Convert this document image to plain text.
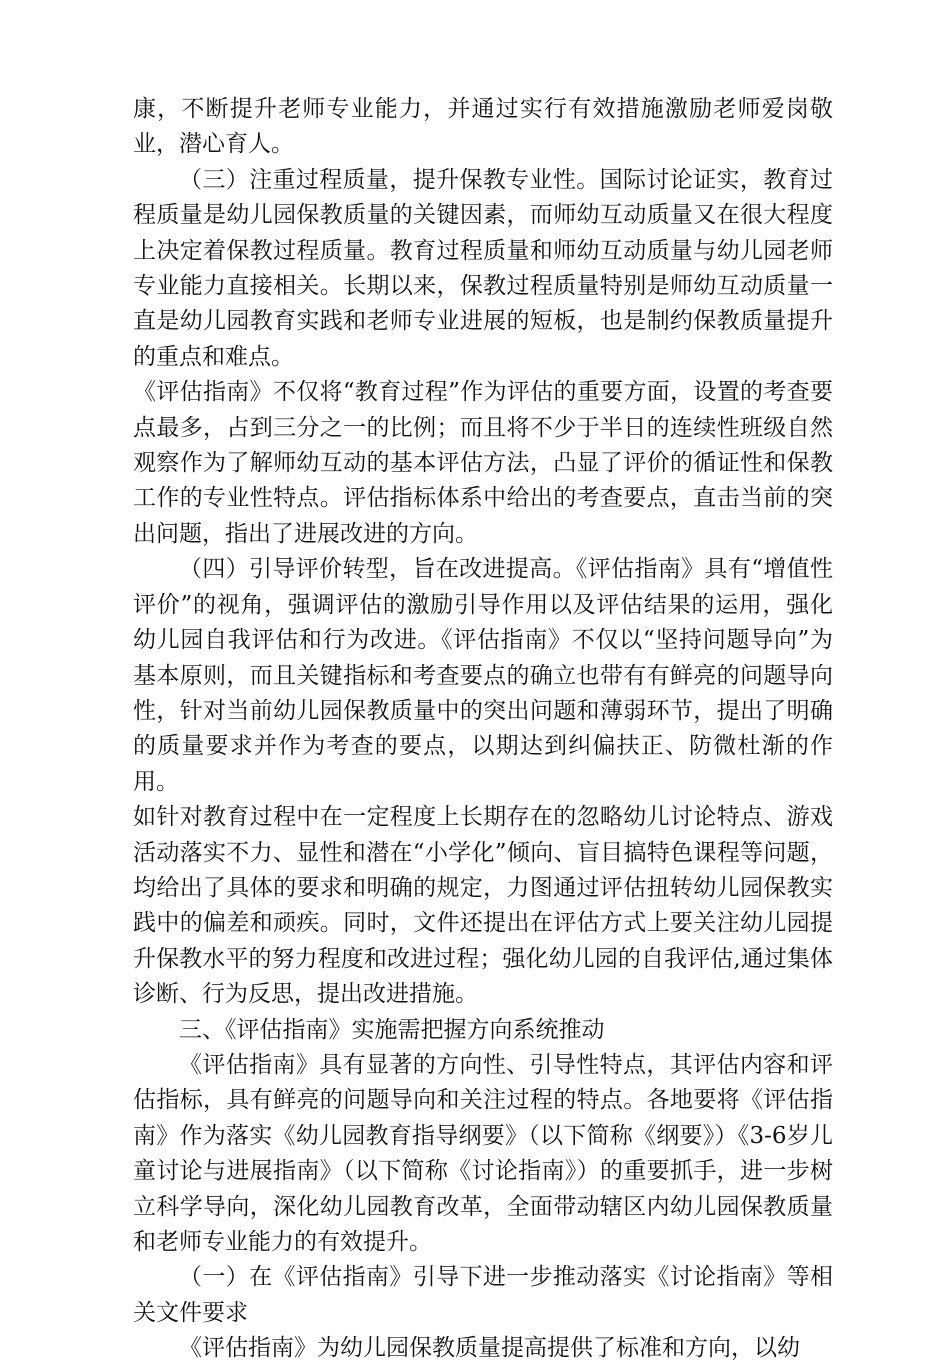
康，不断提升老师专业能力，并通过实行有效措施激励老师爱岗敬业，潜心育人。

（三）注重过程质量，提升保教专业性。国际讨论证实，教育过程质量是幼儿园保教质量的关键因素，而师幼互动质量又在很大程度上决定着保教过程质量。教育过程质量和师幼互动质量与幼儿园老师专业能力直接相关。长期以来，保教过程质量特别是师幼互动质量一直是幼儿园教育实践和老师专业进展的短板，也是制约保教质量提升的重点和难点。

《评估指南》不仅将“教育过程”作为评估的重要方面，设置的考查要点最多，占到三分之一的比例；而且将不少于半日的连续性班级自然观察作为了解师幼互动的基本评估方法，凸显了评价的循证性和保教工作的专业性特点。评估指标体系中给出的考查要点，直击当前的突出问题，指出了进展改进的方向。

（四）引导评价转型，旨在改进提高。《评估指南》具有“增值性评价”的视角，强调评估的激励引导作用以及评估结果的运用，强化幼儿园自我评估和行为改进。《评估指南》不仅以“坚持问题导向”为基本原则，而且关键指标和考查要点的确立也带有有鲜亮的问题导向性，针对当前幼儿园保教质量中的突出问题和薄弱环节，提出了明确的质量要求并作为考查的要点，以期达到纠偏扶正、防微杜渐的作用。

如针对教育过程中在一定程度上长期存在的忽略幼儿讨论特点、游戏活动落实不力、显性和潜在“小学化”倾向、盲目搞特色课程等问题，均给出了具体的要求和明确的规定，力图通过评估扭转幼儿园保教实践中的偏差和顽疾。同时，文件还提出在评估方式上要关注幼儿园提升保教水平的努力程度和改进过程；强化幼儿园的自我评估,通过集体诊断、行为反思，提出改进措施。

三、《评估指南》实施需把握方向系统推动

《评估指南》具有显著的方向性、引导性特点，其评估内容和评估指标，具有鲜亮的问题导向和关注过程的特点。各地要将《评估指南》作为落实《幼儿园教育指导纲要》（以下简称《纲要》）《3-6岁儿童讨论与进展指南》（以下简称《讨论指南》）的重要抓手，进一步树立科学导向，深化幼儿园教育改革，全面带动辖区内幼儿园保教质量和老师专业能力的有效提升。

（一）在《评估指南》引导下进一步推动落实《讨论指南》等相关文件要求

《评估指南》为幼儿园保教质量提高提供了标准和方向，以幼
